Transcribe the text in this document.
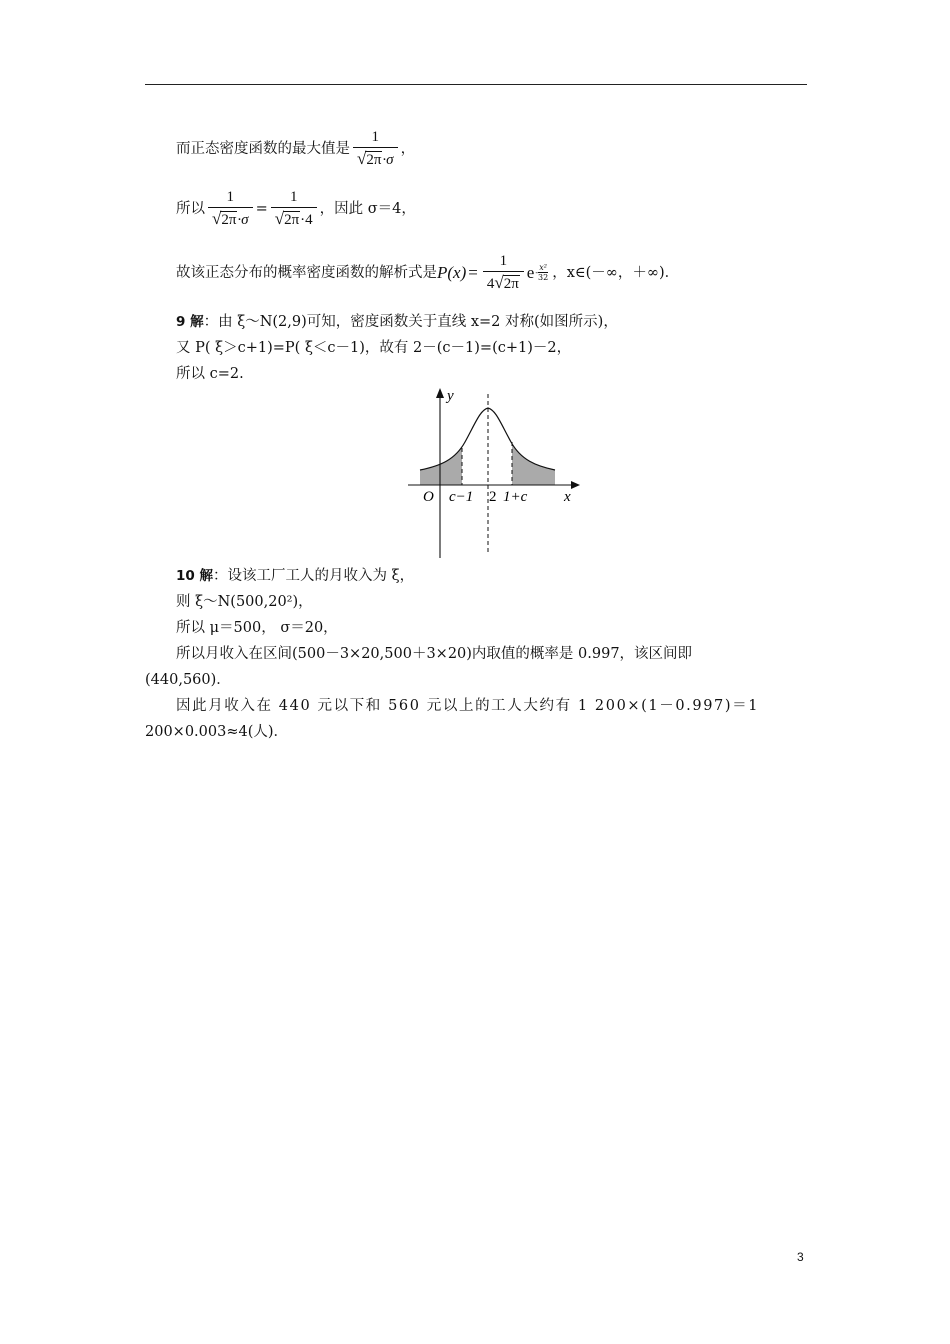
而正态密度函数的最大值是 $\frac{1}{√ 2\pi \cdot\sigma}$ ，
所以 $\frac{1}{√ 2\pi \cdot\sigma} = \frac{1}{√ 2\pi \cdot 4}$ ，因此 σ＝4，
故该正态分布的概率密度函数的解析式是 $P(x) = \frac{1}{4 √ 2\pi}$ e -
x²
32 ，x∈(－∞，＋∞)．
9 解：由 ξ～N(2,9)可知，密度函数关于直线 x=2 对称(如图所示)，
又 P( ξ＞c+1)=P( ξ＜c－1)，故有 2－(c－1)=(c+1)－2，
所以 c=2.
y
x
O c−1 2 1+c
10 解：设该工厂工人的月收入为 ξ，
则 ξ～N(500,20²)，
所以 μ＝500， σ＝20，
所以月收入在区间(500－3×20,500＋3×20)内取值的概率是 0.997，该区间即
(440,560)．
因此月收入在 440 元以下和 560 元以上的工人大约有 1 200×(1－0.997)＝1
200×0.003≈4(人)．
3
